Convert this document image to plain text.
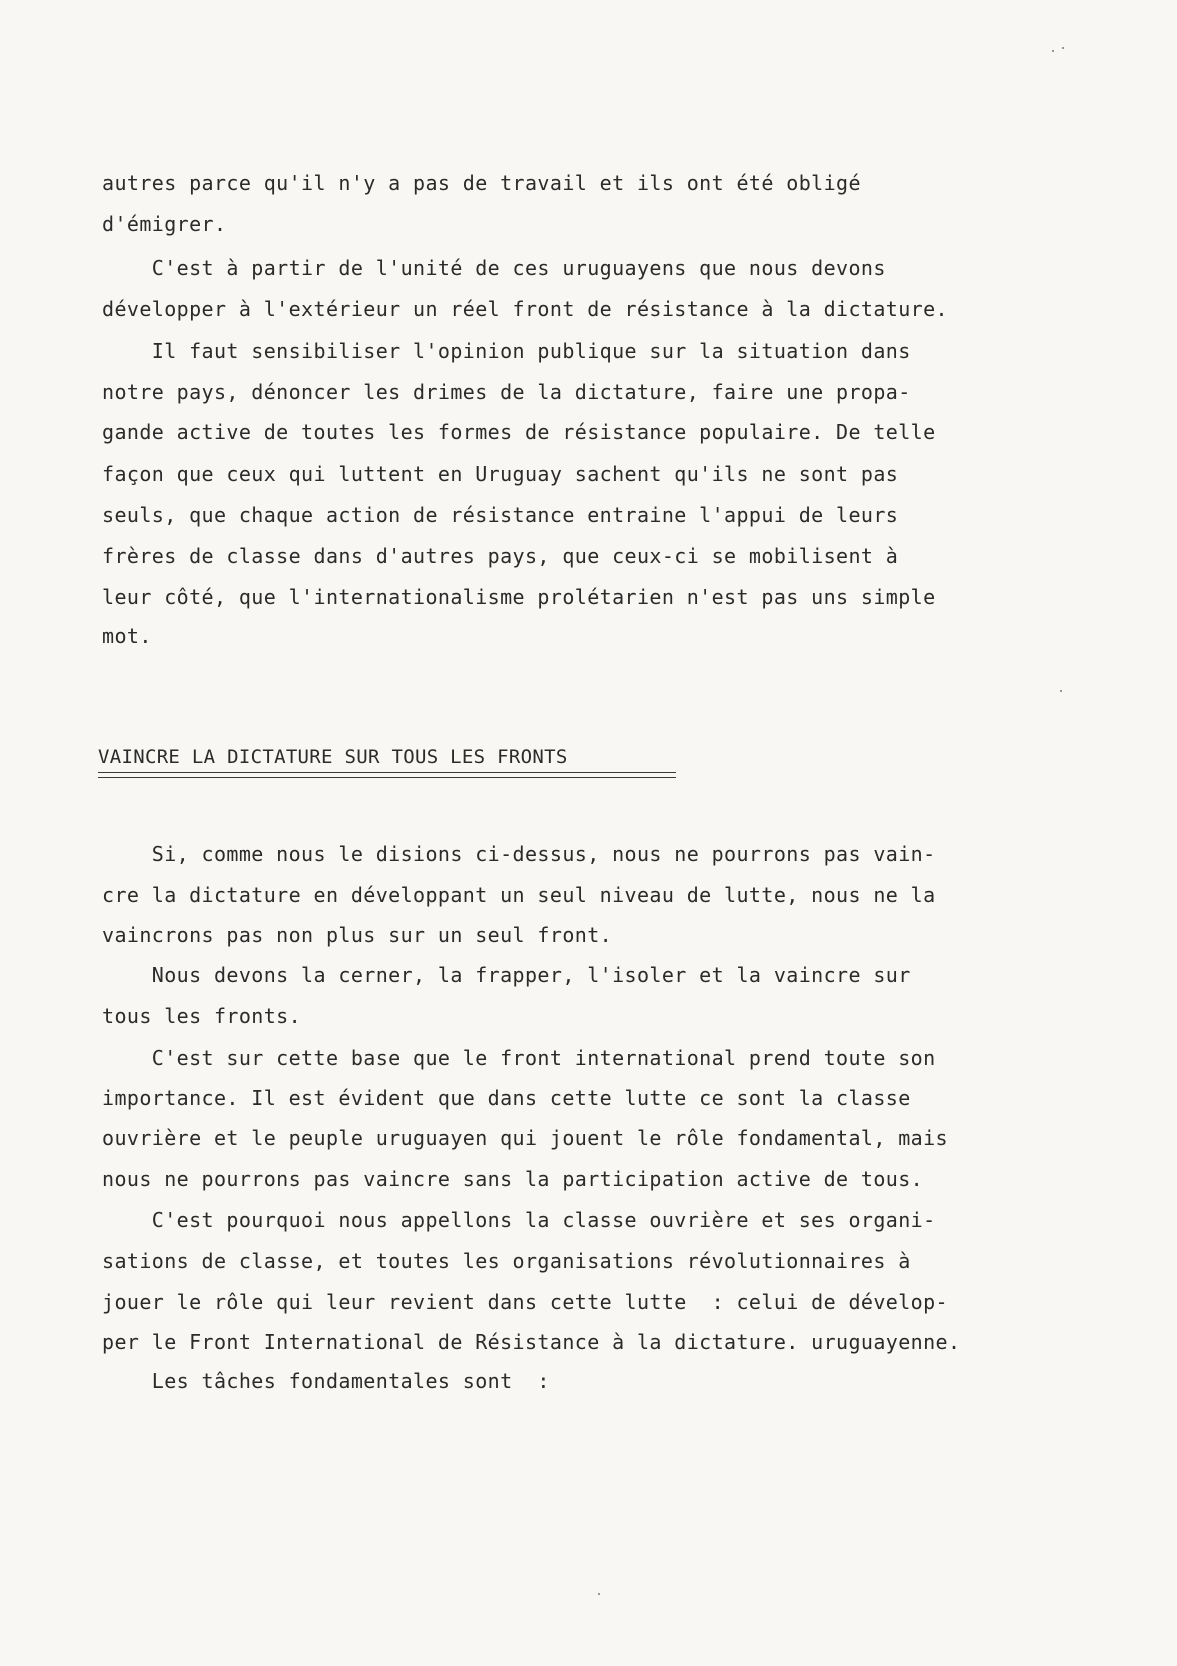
autres parce qu'il n'y a pas de travail et ils ont été obligé
d'émigrer.
C'est à partir de l'unité de ces uruguayens que nous devons
développer à l'extérieur un réel front de résistance à la dictature.
Il faut sensibiliser l'opinion publique sur la situation dans
notre pays, dénoncer les drimes de la dictature, faire une propa-
gande active de toutes les formes de résistance populaire. De telle
façon que ceux qui luttent en Uruguay sachent qu'ils ne sont pas
seuls, que chaque action de résistance entraine l'appui de leurs
frères de classe dans d'autres pays, que ceux-ci se mobilisent à
leur côté, que l'internationalisme prolétarien n'est pas uns simple
mot.
VAINCRE LA DICTATURE SUR TOUS LES FRONTS
Si, comme nous le disions ci-dessus, nous ne pourrons pas vain-
cre la dictature en développant un seul niveau de lutte, nous ne la
vaincrons pas non plus sur un seul front.
Nous devons la cerner, la frapper, l'isoler et la vaincre sur
tous les fronts.
C'est sur cette base que le front international prend toute son
importance. Il est évident que dans cette lutte ce sont la classe
ouvrière et le peuple uruguayen qui jouent le rôle fondamental, mais
nous ne pourrons pas vaincre sans la participation active de tous.
C'est pourquoi nous appellons la classe ouvrière et ses organi-
sations de classe, et toutes les organisations révolutionnaires à
jouer le rôle qui leur revient dans cette lutte  : celui de dévelop-
per le Front International de Résistance à la dictature. uruguayenne.
Les tâches fondamentales sont  :
